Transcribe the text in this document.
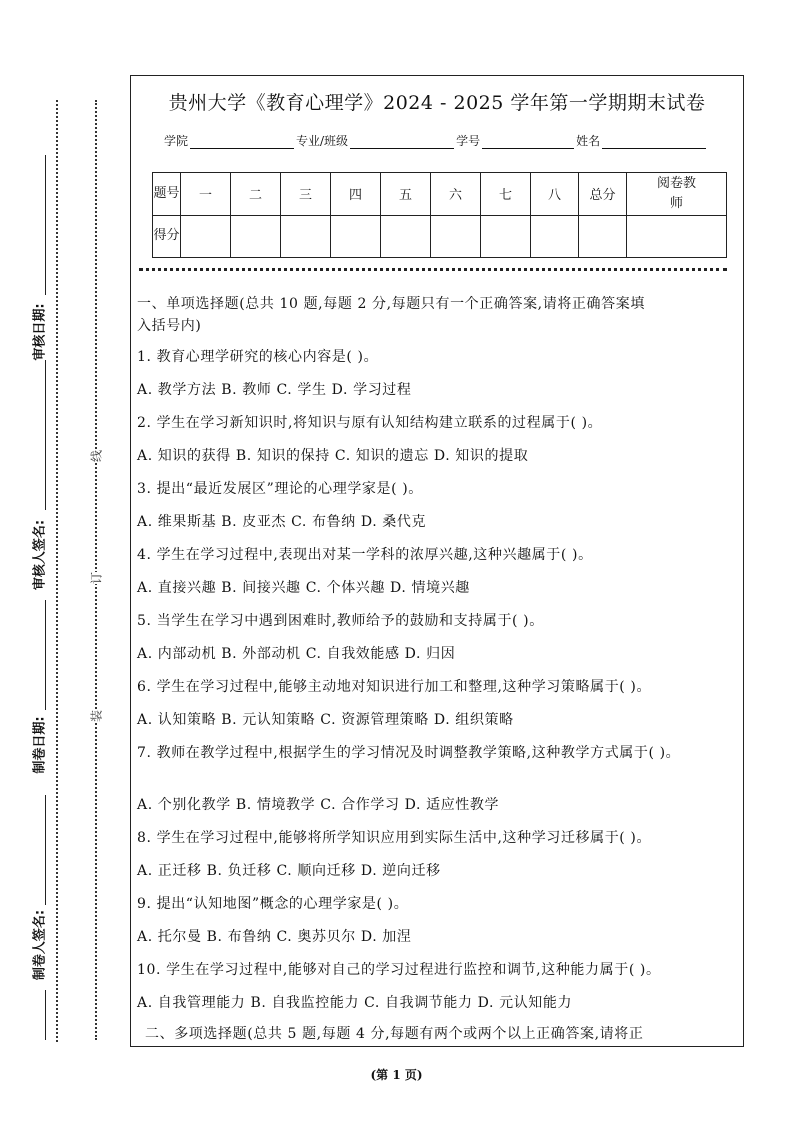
审核日期:
审核人签名:
制卷日期:
制卷人签名:
线
订
装
贵州大学《教育心理学》2024 - 2025 学年第一学期期末试卷
学院	专业/班级	学号	姓名
题号	一	二	三	四	五	六	七	八	总分	阅卷教师
得分										
一、单项选择题(总共 10 题,每题 2 分,每题只有一个正确答案,请将正确答案填
入括号内)
1. 教育心理学研究的核心内容是( )。
A. 教学方法 B. 教师 C. 学生 D. 学习过程
2. 学生在学习新知识时,将知识与原有认知结构建立联系的过程属于( )。
A. 知识的获得 B. 知识的保持 C. 知识的遗忘 D. 知识的提取
3. 提出“最近发展区”理论的心理学家是( )。
A. 维果斯基 B. 皮亚杰 C. 布鲁纳 D. 桑代克
4. 学生在学习过程中,表现出对某一学科的浓厚兴趣,这种兴趣属于( )。
A. 直接兴趣 B. 间接兴趣 C. 个体兴趣 D. 情境兴趣
5. 当学生在学习中遇到困难时,教师给予的鼓励和支持属于( )。
A. 内部动机 B. 外部动机 C. 自我效能感 D. 归因
6. 学生在学习过程中,能够主动地对知识进行加工和整理,这种学习策略属于( )。
A. 认知策略 B. 元认知策略 C. 资源管理策略 D. 组织策略
7. 教师在教学过程中,根据学生的学习情况及时调整教学策略,这种教学方式属于( )。
A. 个别化教学 B. 情境教学 C. 合作学习 D. 适应性教学
8. 学生在学习过程中,能够将所学知识应用到实际生活中,这种学习迁移属于( )。
A. 正迁移 B. 负迁移 C. 顺向迁移 D. 逆向迁移
9. 提出“认知地图”概念的心理学家是( )。
A. 托尔曼 B. 布鲁纳 C. 奥苏贝尔 D. 加涅
10. 学生在学习过程中,能够对自己的学习过程进行监控和调节,这种能力属于( )。
A. 自我管理能力 B. 自我监控能力 C. 自我调节能力 D. 元认知能力
二、多项选择题(总共 5 题,每题 4 分,每题有两个或两个以上正确答案,请将正
(第 1 页)
